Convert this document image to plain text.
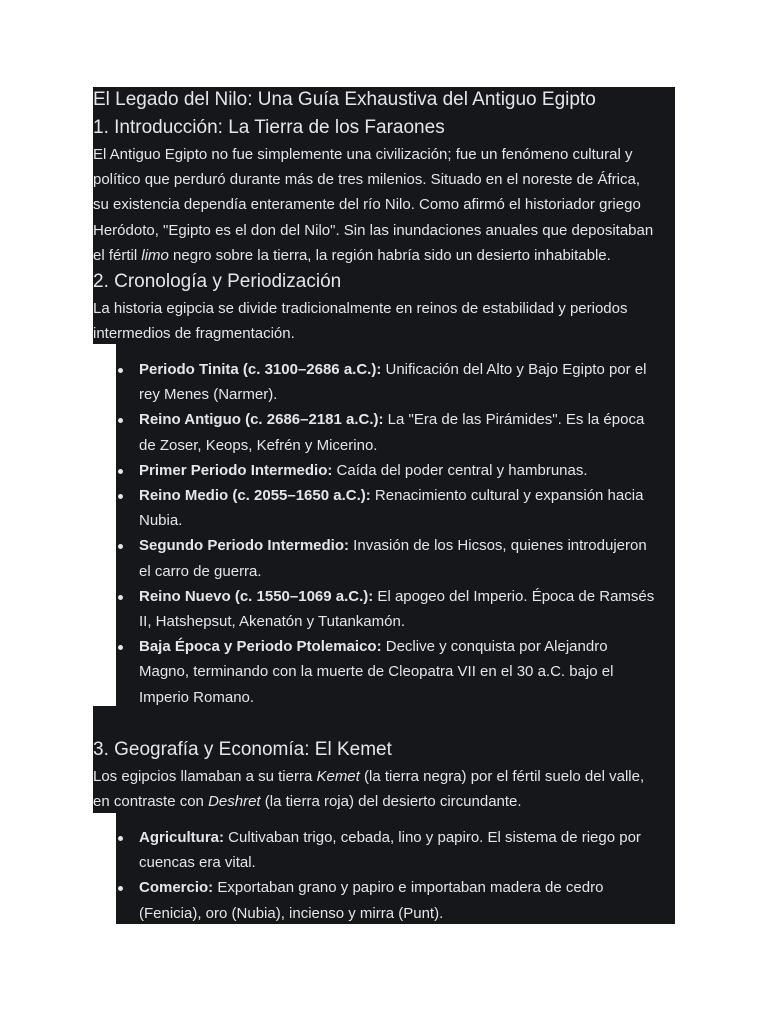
El Legado del Nilo: Una Guía Exhaustiva del Antiguo Egipto
1. Introducción: La Tierra de los Faraones
El Antiguo Egipto no fue simplemente una civilización; fue un fenómeno cultural y
político que perduró durante más de tres milenios. Situado en el noreste de África,
su existencia dependía enteramente del río Nilo. Como afirmó el historiador griego
Heródoto, "Egipto es el don del Nilo". Sin las inundaciones anuales que depositaban
el fértil limo negro sobre la tierra, la región habría sido un desierto inhabitable.
2. Cronología y Periodización
La historia egipcia se divide tradicionalmente en reinos de estabilidad y periodos
intermedios de fragmentación.
Periodo Tinita (c. 3100–2686 a.C.): Unificación del Alto y Bajo Egipto por el
rey Menes (Narmer).
Reino Antiguo (c. 2686–2181 a.C.): La "Era de las Pirámides". Es la época
de Zoser, Keops, Kefrén y Micerino.
Primer Periodo Intermedio: Caída del poder central y hambrunas.
Reino Medio (c. 2055–1650 a.C.): Renacimiento cultural y expansión hacia
Nubia.
Segundo Periodo Intermedio: Invasión de los Hicsos, quienes introdujeron
el carro de guerra.
Reino Nuevo (c. 1550–1069 a.C.): El apogeo del Imperio. Época de Ramsés
II, Hatshepsut, Akenatón y Tutankamón.
Baja Época y Periodo Ptolemaico: Declive y conquista por Alejandro
Magno, terminando con la muerte de Cleopatra VII en el 30 a.C. bajo el
Imperio Romano.
3. Geografía y Economía: El Kemet
Los egipcios llamaban a su tierra Kemet (la tierra negra) por el fértil suelo del valle,
en contraste con Deshret (la tierra roja) del desierto circundante.
Agricultura: Cultivaban trigo, cebada, lino y papiro. El sistema de riego por
cuencas era vital.
Comercio: Exportaban grano y papiro e importaban madera de cedro
(Fenicia), oro (Nubia), incienso y mirra (Punt).
